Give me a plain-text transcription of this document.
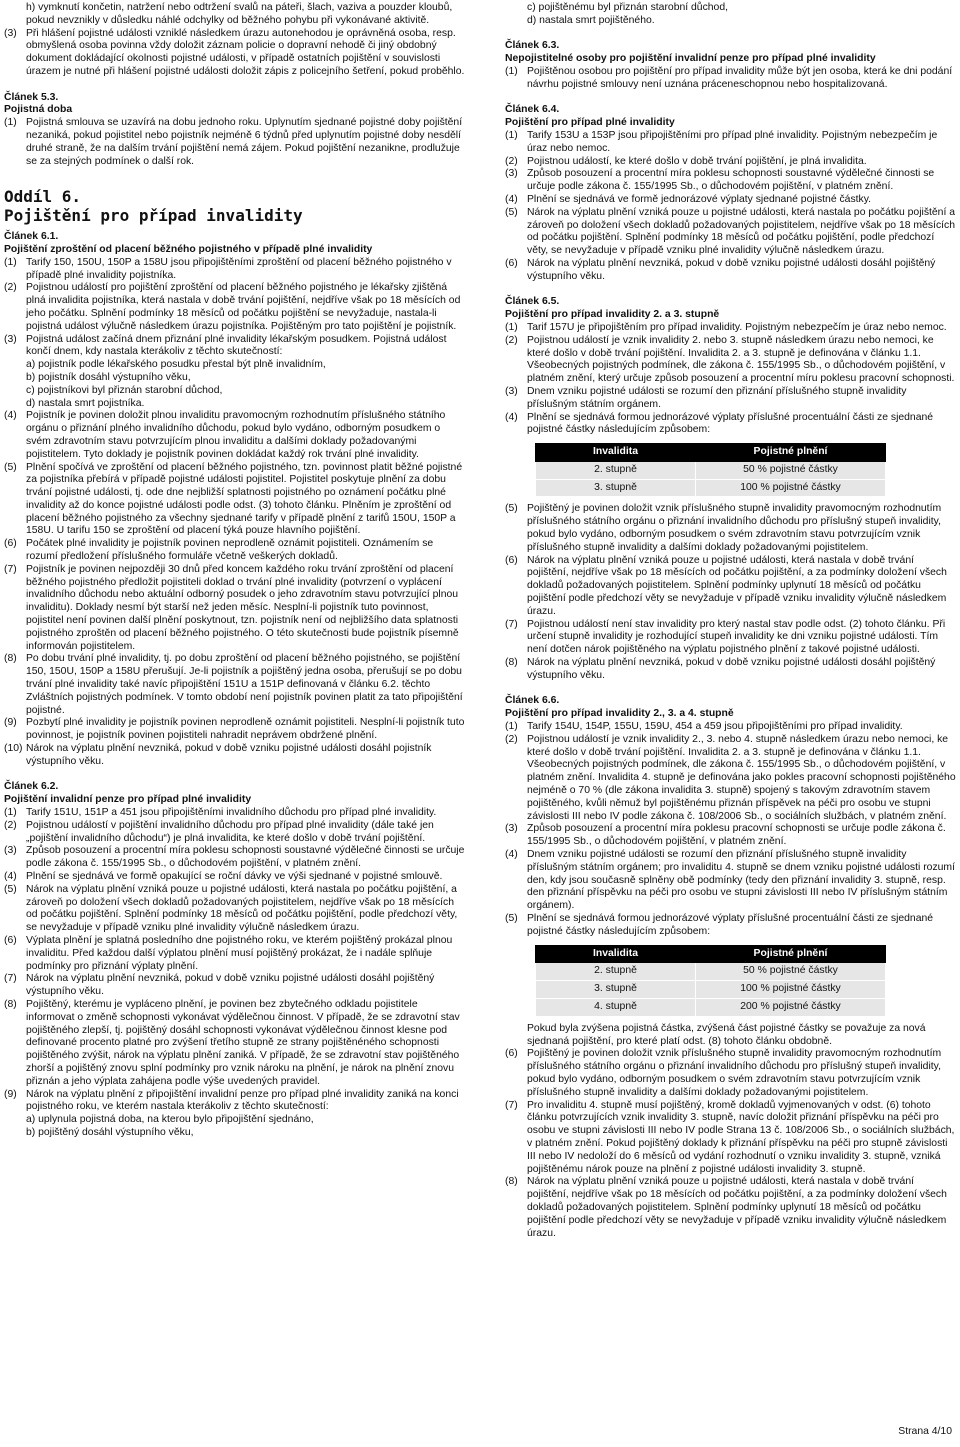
h) vymknutí končetin, natržení nebo odtržení svalů na páteři, šlach, vaziva a pouzder kloubů, pokud nevznikly v důsledku náhlé odchylky od běžného pohybu při vykonávané aktivitě.
(3) Při hlášení pojistné události vzniklé následkem úrazu autonehodou je oprávněná osoba, resp. obmyšlená osoba povinna vždy doložit záznam policie o dopravní nehodě či jiný obdobný dokument dokládající okolnosti pojistné události, v případě ostatních pojištění v souvislosti úrazem je nutné při hlášení pojistné události doložit zápis z policejního šetření, pokud proběhlo.
Článek 5.3.
Pojistná doba
(1) Pojistná smlouva se uzavírá na dobu jednoho roku. Uplynutím sjednané pojistné doby pojištění nezaniká, pokud pojistitel nebo pojistník nejméně 6 týdnů před uplynutím pojistné doby nesdělí druhé straně, že na dalším trvání pojištění nemá zájem. Pokud pojištění nezanikne, prodlužuje se za stejných podmínek o další rok.
Oddíl 6.
Pojištění pro případ invalidity
Článek 6.1.
Pojištění zproštění od placení běžného pojistného v případě plné invalidity
(1) Tarify 150, 150U, 150P a 158U jsou připojištěními zproštění od placení běžného pojistného v případě plné invalidity pojistníka.
(2) Pojistnou událostí pro pojištění zproštění od placení běžného pojistného je lékařsky zjištěná plná invalidita pojistníka, která nastala v době trvání pojištění, nejdříve však po 18 měsících od jeho počátku. Splnění podmínky 18 měsíců od počátku pojištění se nevyžaduje, nastala-li pojistná událost výlučně následkem úrazu pojistníka. Pojištěným pro tato pojištění je pojistník.
(3) Pojistná událost začíná dnem přiznání plné invalidity lékařským posudkem. Pojistná událost končí dnem, kdy nastala kterákoliv z těchto skutečností:
a) pojistník podle lékařského posudku přestal být plně invalidním,
b) pojistník dosáhl výstupního věku,
c) pojistníkovi byl přiznán starobní důchod,
d) nastala smrt pojistníka.
(4) Pojistník je povinen doložit plnou invaliditu pravomocným rozhodnutím příslušného státního orgánu o přiznání plného invalidního důchodu, pokud bylo vydáno, odborným posudkem o svém zdravotním stavu potvrzujícím plnou invaliditu a dalšími doklady požadovanými pojistitelem. Tyto doklady je pojistník povinen dokládat každý rok trvání plné invalidity.
(5) Plnění spočívá ve zproštění od placení běžného pojistného, tzn. povinnost platit běžné pojistné za pojistníka přebírá v případě pojistné události pojistitel. Pojistitel poskytuje plnění za dobu trvání pojistné události, tj. ode dne nejbližší splatnosti pojistného po oznámení počátku plné invalidity až do konce pojistné události podle odst. (3) tohoto článku. Plněním je zproštění od placení běžného pojistného za všechny sjednané tarify v případě plnění z tarifů 150U, 150P a 158U. U tarifu 150 se zproštění od placení týká pouze hlavního pojištění.
(6) Počátek plné invalidity je pojistník povinen neprodleně oznámit pojistiteli. Oznámením se rozumí předložení příslušného formuláře včetně veškerých dokladů.
(7) Pojistník je povinen nejpozději 30 dnů před koncem každého roku trvání zproštění od placení běžného pojistného předložit pojistiteli doklad o trvání plné invalidity (potvrzení o vyplácení invalidního důchodu nebo aktuální odborný posudek o jeho zdravotním stavu potvrzující plnou invaliditu). Doklady nesmí být starší než jeden měsíc. Nesplní-li pojistník tuto povinnost, pojistitel není povinen další plnění poskytnout, tzn. pojistník není od nejbližšího data splatnosti pojistného zproštěn od placení běžného pojistného. O této skutečnosti bude pojistník písemně informován pojistitelem.
(8) Po dobu trvání plné invalidity, tj. po dobu zproštění od placení běžného pojistného, se pojištění 150, 150U, 150P a 158U přerušují. Je-li pojistník a pojištěný jedna osoba, přerušují se po dobu trvání plné invalidity také navíc připojištění 151U a 151P definovaná v článku 6.2. těchto Zvláštních pojistných podmínek. V tomto období není pojistník povinen platit za tato připojištění pojistné.
(9) Pozbytí plné invalidity je pojistník povinen neprodleně oznámit pojistiteli. Nesplní-li pojistník tuto povinnost, je pojistník povinen pojistiteli nahradit neprávem obdržené plnění.
(10) Nárok na výplatu plnění nevzniká, pokud v době vzniku pojistné události dosáhl pojistník výstupního věku.
Článek 6.2.
Pojištění invalidní penze pro případ plné invalidity
(1) Tarify 151U, 151P a 451 jsou připojištěními invalidního důchodu pro případ plné invalidity.
(2) Pojistnou událostí v pojištění invalidního důchodu pro případ plné invalidity (dále také jen „pojištění invalidního důchodu“) je plná invalidita, ke které došlo v době trvání pojištění.
(3) Způsob posouzení a procentní míra poklesu schopnosti soustavné výdělečné činnosti se určuje podle zákona č. 155/1995 Sb., o důchodovém pojištění, v platném znění.
(4) Plnění se sjednává ve formě opakující se roční dávky ve výši sjednané v pojistné smlouvě.
(5) Nárok na výplatu plnění vzniká pouze u pojistné události, která nastala po počátku pojištění, a zároveň po doložení všech dokladů požadovaných pojistitelem, nejdříve však po 18 měsících od počátku pojištění. Splnění podmínky 18 měsíců od počátku pojištění, podle předchozí věty, se nevyžaduje v případě vzniku plné invalidity výlučně následkem úrazu.
(6) Výplata plnění je splatná posledního dne pojistného roku, ve kterém pojištěný prokázal plnou invaliditu. Před každou další výplatou plnění musí pojištěný prokázat, že i nadále splňuje podmínky pro přiznání výplaty plnění.
(7) Nárok na výplatu plnění nevzniká, pokud v době vzniku pojistné události dosáhl pojištěný výstupního věku.
(8) Pojištěný, kterému je vypláceno plnění, je povinen bez zbytečného odkladu pojistitele informovat o změně schopnosti vykonávat výdělečnou činnost. V případě, že se zdravotní stav pojištěného zlepší, tj. pojištěný dosáhl schopnosti vykonávat výdělečnou činnost klesne pod definované procento platné pro zvýšení třetího stupně ze strany pojištěnéného schopnosti pojištěného zvýšit, nárok na výplatu plnění zaniká. V případě, že se zdravotní stav pojištěného zhorší a pojištěný znovu splní podmínky pro vznik nároku na plnění, je nárok na plnění znovu přiznán a jeho výplata zahájena podle výše uvedených pravidel.
(9) Nárok na výplatu plnění z připojištění invalidní penze pro případ plné invalidity zaniká na konci pojistného roku, ve kterém nastala kterákoliv z těchto skutečností:
a) uplynula pojistná doba, na kterou bylo připojištění sjednáno,
b) pojištěný dosáhl výstupního věku,
c) pojištěnému byl přiznán starobní důchod,
d) nastala smrt pojištěného.
Článek 6.3.
Nepojistitelné osoby pro pojištění invalidní penze pro případ plné invalidity
(1) Pojištěnou osobou pro pojištění pro případ invalidity může být jen osoba, která ke dni podání návrhu pojistné smlouvy není uznána práceneschopnou nebo hospitalizovaná.
Článek 6.4.
Pojištění pro případ plné invalidity
(1) Tarify 153U a 153P jsou připojištěními pro případ plné invalidity. Pojistným nebezpečím je úraz nebo nemoc.
(2) Pojistnou událostí, ke které došlo v době trvání pojištění, je plná invalidita.
(3) Způsob posouzení a procentní míra poklesu schopnosti soustavné výdělečné činnosti se určuje podle zákona č. 155/1995 Sb., o důchodovém pojištění, v platném znění.
(4) Plnění se sjednává ve formě jednorázové výplaty sjednané pojistné částky.
(5) Nárok na výplatu plnění vzniká pouze u pojistné události, která nastala po počátku pojištění a zároveň po doložení všech dokladů požadovaných pojistitelem, nejdříve však po 18 měsících od počátku pojištění. Splnění podmínky 18 měsíců od počátku pojištění, podle předchozí věty, se nevyžaduje v případě vzniku plné invalidity výlučně následkem úrazu.
(6) Nárok na výplatu plnění nevzniká, pokud v době vzniku pojistné události dosáhl pojištěný výstupního věku.
Článek 6.5.
Pojištění pro případ invalidity 2. a 3. stupně
(1) Tarif 157U je připojištěním pro případ invalidity. Pojistným nebezpečím je úraz nebo nemoc.
(2) Pojistnou událostí je vznik invalidity 2. nebo 3. stupně následkem úrazu nebo nemoci, ke které došlo v době trvání pojištění. Invalidita 2. a 3. stupně je definována v článku 1.1. Všeobecných pojistných podmínek, dle zákona č. 155/1995 Sb., o důchodovém pojištění, v platném znění, který určuje způsob posouzení a procentní míru poklesu pracovní schopnosti.
(3) Dnem vzniku pojistné události se rozumí den přiznání příslušného stupně invalidity příslušným státním orgánem.
(4) Plnění se sjednává formou jednorázové výplaty příslušné procentuální části ze sjednané pojistné částky následujícím způsobem:
Invalidita	Pojistné plnění
2. stupně	50 % pojistné částky
3. stupně	100 % pojistné částky
(5) Pojištěný je povinen doložit vznik příslušného stupně invalidity pravomocným rozhodnutím příslušného státního orgánu o přiznání invalidního důchodu pro příslušný stupeň invalidity, pokud bylo vydáno, odborným posudkem o svém zdravotním stavu potvrzujícím vznik příslušného stupně invalidity a dalšími doklady požadovanými pojistitelem.
(6) Nárok na výplatu plnění vzniká pouze u pojistné události, která nastala v době trvání pojištění, nejdříve však po 18 měsících od počátku pojištění, a za podmínky doložení všech dokladů požadovaných pojistitelem. Splnění podmínky uplynutí 18 měsíců od počátku pojištění podle předchozí věty se nevyžaduje v případě vzniku invalidity výlučně následkem úrazu.
(7) Pojistnou událostí není stav invalidity pro který nastal stav podle odst. (2) tohoto článku. Při určení stupně invalidity je rozhodující stupeň invalidity ke dni vzniku pojistné události. Tím není dotčen nárok pojištěného na výplatu pojistného plnění z takové pojistné události.
(8) Nárok na výplatu plnění nevzniká, pokud v době vzniku pojistné události dosáhl pojištěný výstupního věku.
Článek 6.6.
Pojištění pro případ invalidity 2., 3. a 4. stupně
(1) Tarify 154U, 154P, 155U, 159U, 454 a 459 jsou připojištěními pro případ invalidity.
(2) Pojistnou událostí je vznik invalidity 2., 3. nebo 4. stupně následkem úrazu nebo nemoci, ke které došlo v době trvání pojištění. Invalidita 2. a 3. stupně je definována v článku 1.1. Všeobecných pojistných podmínek, dle zákona č. 155/1995 Sb., o důchodovém pojištění, v platném znění. Invalidita 4. stupně je definována jako pokles pracovní schopnosti pojištěného nejméně o 70 % (dle zákona invalidita 3. stupně) spojený s takovým zdravotním stavem pojištěného, kvůli němuž byl pojištěnému přiznán příspěvek na péči pro osobu ve stupni závislosti III nebo IV podle zákona č. 108/2006 Sb., o sociálních službách, v platném znění.
(3) Způsob posouzení a procentní míra poklesu pracovní schopnosti se určuje podle zákona č. 155/1995 Sb., o důchodovém pojištění, v platném znění.
(4) Dnem vzniku pojistné události se rozumí den přiznání příslušného stupně invalidity příslušným státním orgánem; pro invaliditu 4. stupně se dnem vzniku pojistné události rozumí den, kdy jsou současně splněny obě podmínky (tedy den přiznání invalidity 3. stupně, resp. den přiznání příspěvku na péči pro osobu ve stupni závislosti III nebo IV příslušným státním orgánem).
(5) Plnění se sjednává formou jednorázové výplaty příslušné procentuální části ze sjednané pojistné částky následujícím způsobem:
Invalidita	Pojistné plnění
2. stupně	50 % pojistné částky
3. stupně	100 % pojistné částky
4. stupně	200 % pojistné částky
Pokud byla zvýšena pojistná částka, zvýšená část pojistné částky se považuje za nová sjednaná pojištění, pro které platí odst. (8) tohoto článku obdobně.
(6) Pojištěný je povinen doložit vznik příslušného stupně invalidity pravomocným rozhodnutím příslušného státního orgánu o přiznání invalidního důchodu pro příslušný stupeň invalidity, pokud bylo vydáno, odborným posudkem o svém zdravotním stavu potvrzujícím vznik příslušného stupně invalidity a dalšími doklady požadovanými pojistitelem.
(7) Pro invaliditu 4. stupně musí pojištěný, kromě dokladů vyjmenovaných v odst. (6) tohoto článku potvrzujících vznik invalidity 3. stupně, navíc doložit přiznání příspěvku na péči pro osobu ve stupni závislosti III nebo IV podle Strana 13 č. 108/2006 Sb., o sociálních službách, v platném znění. Pokud pojištěný doklady k přiznání příspěvku na péči pro stupně závislosti III nebo IV nedoloží do 6 měsíců od vydání rozhodnutí o vzniku invalidity 3. stupně, vzniká pojištěnému nárok pouze na plnění z pojistné události invalidity 3. stupně.
(8) Nárok na výplatu plnění vzniká pouze u pojistné události, která nastala v době trvání pojištění, nejdříve však po 18 měsících od počátku pojištění, a za podmínky doložení všech dokladů požadovaných pojistitelem. Splnění podmínky uplynutí 18 měsíců od počátku pojištění podle předchozí věty se nevyžaduje v případě vzniku invalidity výlučně následkem úrazu.
Strana 4/10
